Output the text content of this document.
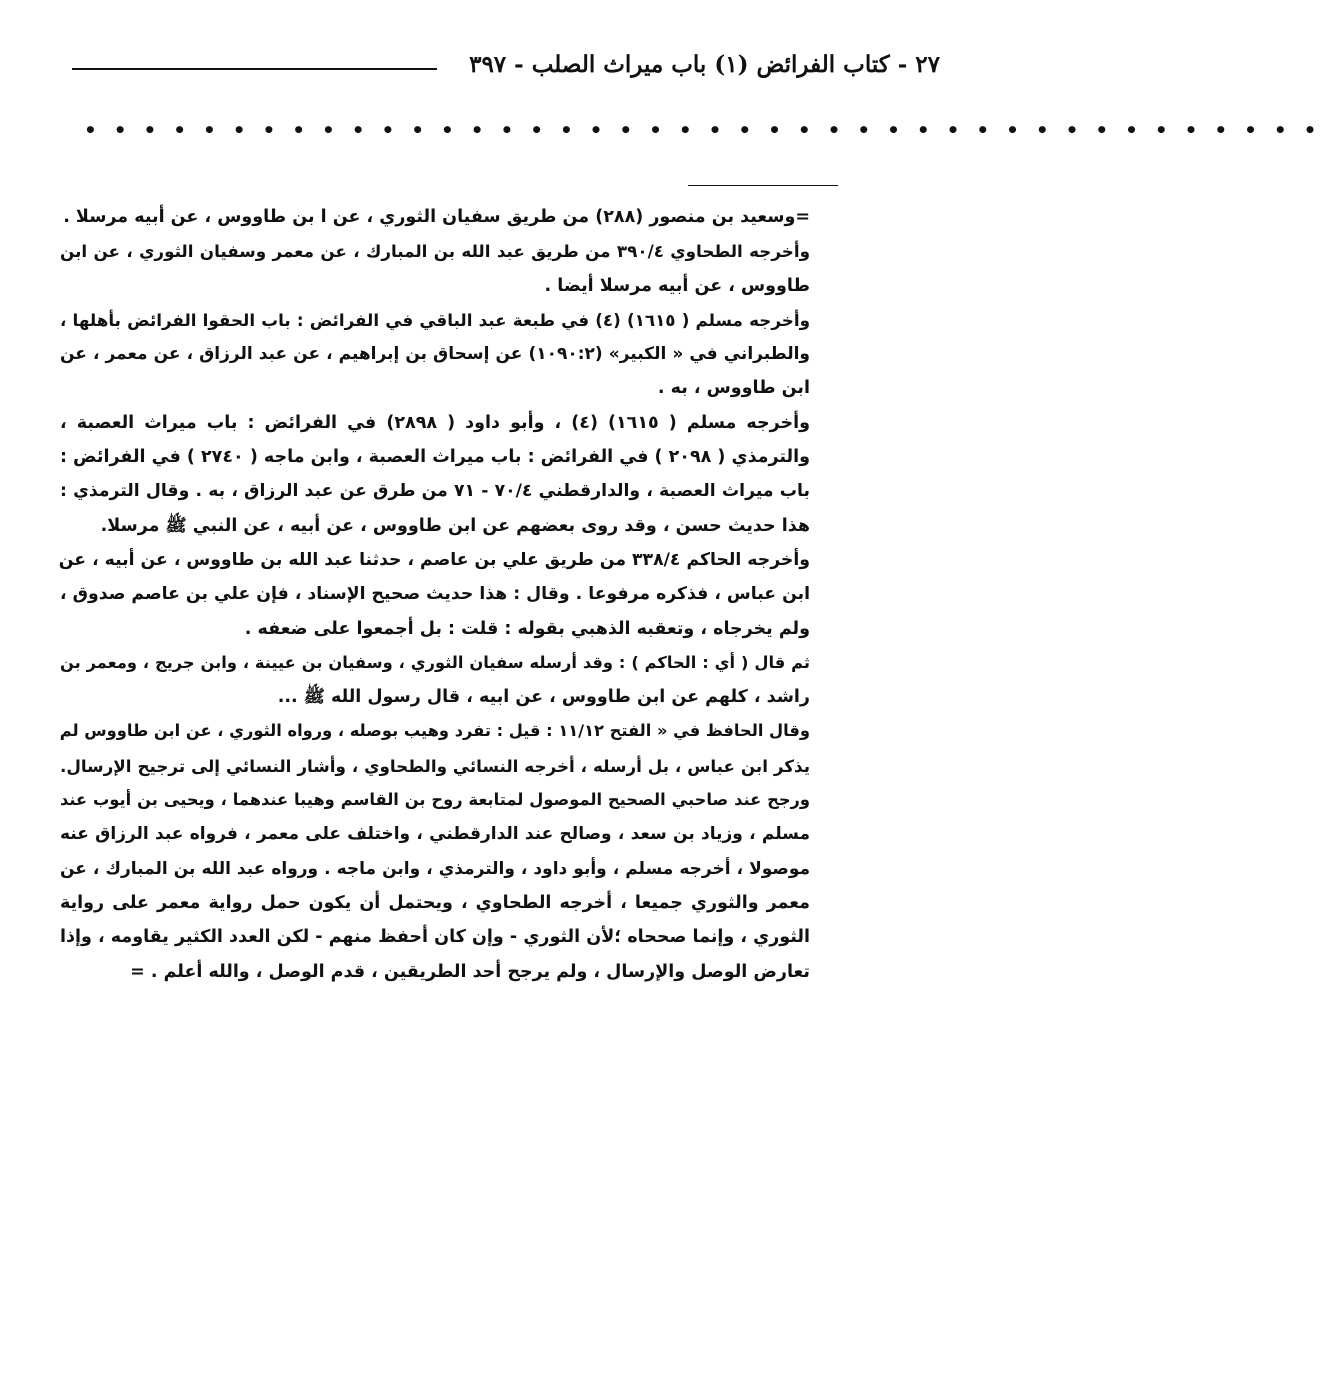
٢٧ - كتاب الفرائض (١) باب ميراث الصلب - ٣٩٧
• • • • • • • • • • • • • • • • • • • • • • • • • • • • • • • • • • • • • • • • • •
=وسعيد بن منصور (٢٨٨) من طريق سفيان الثوري ، عن ا بن طاووس ، عن أبيه مرسلا .
وأخرجه الطحاوي ٣٩٠/٤ من طريق عبد الله بن المبارك ، عن معمر وسفيان الثوري ، عن ابن
طاووس ، عن أبيه مرسلا أيضا .
وأخرجه مسلم ( ١٦١٥) (٤) في طبعة عبد الباقي في الفرائض : باب الحقوا الفرائض بأهلها ،
والطبراني في « الكبير» (١٠٩٠:٢) عن إسحاق بن إبراهيم ، عن عبد الرزاق ، عن معمر ، عن
ابن طاووس ، به .
وأخرجه مسلم ( ١٦١٥) (٤) ، وأبو داود ( ٢٨٩٨) في الفرائض : باب ميراث العصبة ،
والترمذي ( ٢٠٩٨ ) في الفرائض : باب ميراث العصبة ، وابن ماجه ( ٢٧٤٠ ) في الفرائض :
باب ميراث العصبة ، والدارقطني ٧٠/٤ - ٧١ من طرق عن عبد الرزاق ، به . وقال الترمذي :
هذا حديث حسن ، وقد روى بعضهم عن ابن طاووس ، عن أبيه ، عن النبي ﷺ مرسلا.
وأخرجه الحاكم ٣٣٨/٤ من طريق علي بن عاصم ، حدثنا عبد الله بن طاووس ، عن أبيه ، عن
ابن عباس ، فذكره مرفوعا . وقال : هذا حديث صحيح الإسناد ، فإن علي بن عاصم صدوق ،
ولم يخرجاه ، وتعقبه الذهبي بقوله : قلت : بل أجمعوا على ضعفه .
ثم قال ( أي : الحاكم ) : وقد أرسله سفيان الثوري ، وسفيان بن عيينة ، وابن جريج ، ومعمر بن
راشد ، كلهم عن ابن طاووس ، عن ابيه ، قال رسول الله ﷺ ...
وقال الحافظ في « الفتح ١١/١٢ : قيل : تفرد وهيب بوصله ، ورواه الثوري ، عن ابن طاووس لم
يذكر ابن عباس ، بل أرسله ، أخرجه النسائي والطحاوي ، وأشار النسائي إلى ترجيح الإرسال.
ورجح عند صاحبي الصحيح الموصول لمتابعة روح بن القاسم وهيبا عندهما ، ويحيى بن أيوب عند
مسلم ، وزياد بن سعد ، وصالح عند الدارقطني ، واختلف على معمر ، فرواه عبد الرزاق عنه
موصولا ، أخرجه مسلم ، وأبو داود ، والترمذي ، وابن ماجه . ورواه عبد الله بن المبارك ، عن
معمر والثوري جميعا ، أخرجه الطحاوي ، ويحتمل أن يكون حمل رواية معمر على رواية
الثوري ، وإنما صححاه ؛لأن الثوري - وإن كان أحفظ منهم - لكن العدد الكثير يقاومه ، وإذا
تعارض الوصل والإرسال ، ولم يرجح أحد الطريقين ، قدم الوصل ، والله أعلم . =
